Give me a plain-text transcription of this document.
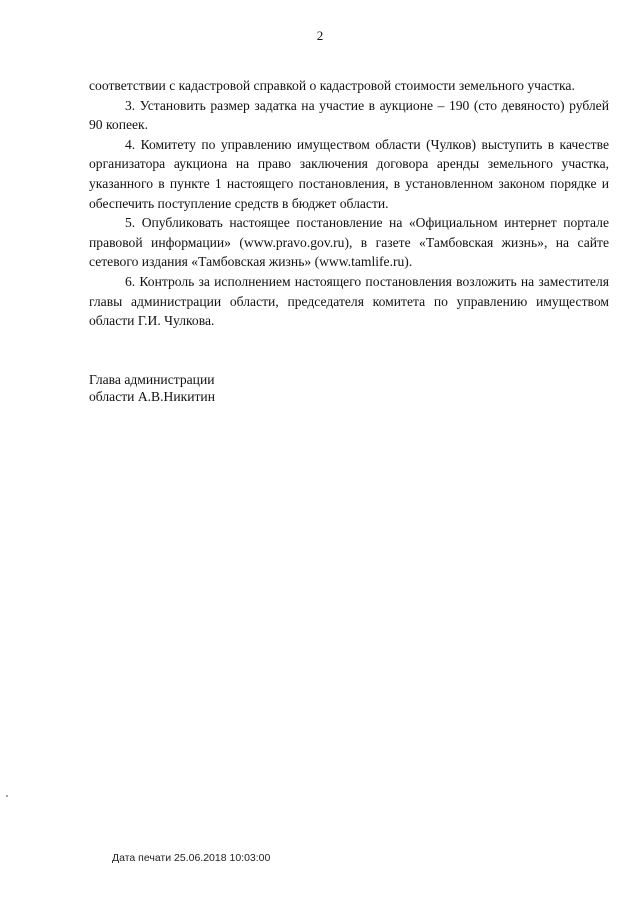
2

соответствии с кадастровой справкой о кадастровой стоимости земельного участка.

3. Установить размер задатка на участие в аукционе – 190 (сто девяносто) рублей 90 копеек.

4. Комитету по управлению имуществом области (Чулков) выступить в качестве организатора аукциона на право заключения договора аренды земельного участка, указанного в пункте 1 настоящего постановления, в установленном законом порядке и обеспечить поступление средств в бюджет области.

5. Опубликовать настоящее постановление на «Официальном интернет портале правовой информации» (www.pravo.gov.ru), в газете «Тамбовская жизнь», на сайте сетевого издания «Тамбовская жизнь» (www.tamlife.ru).

6. Контроль за исполнением настоящего постановления возложить на заместителя главы администрации области, председателя комитета по управлению имуществом области Г.И. Чулкова.

Глава администрации
области А.В.Никитин
Дата печати 25.06.2018 10:03:00
